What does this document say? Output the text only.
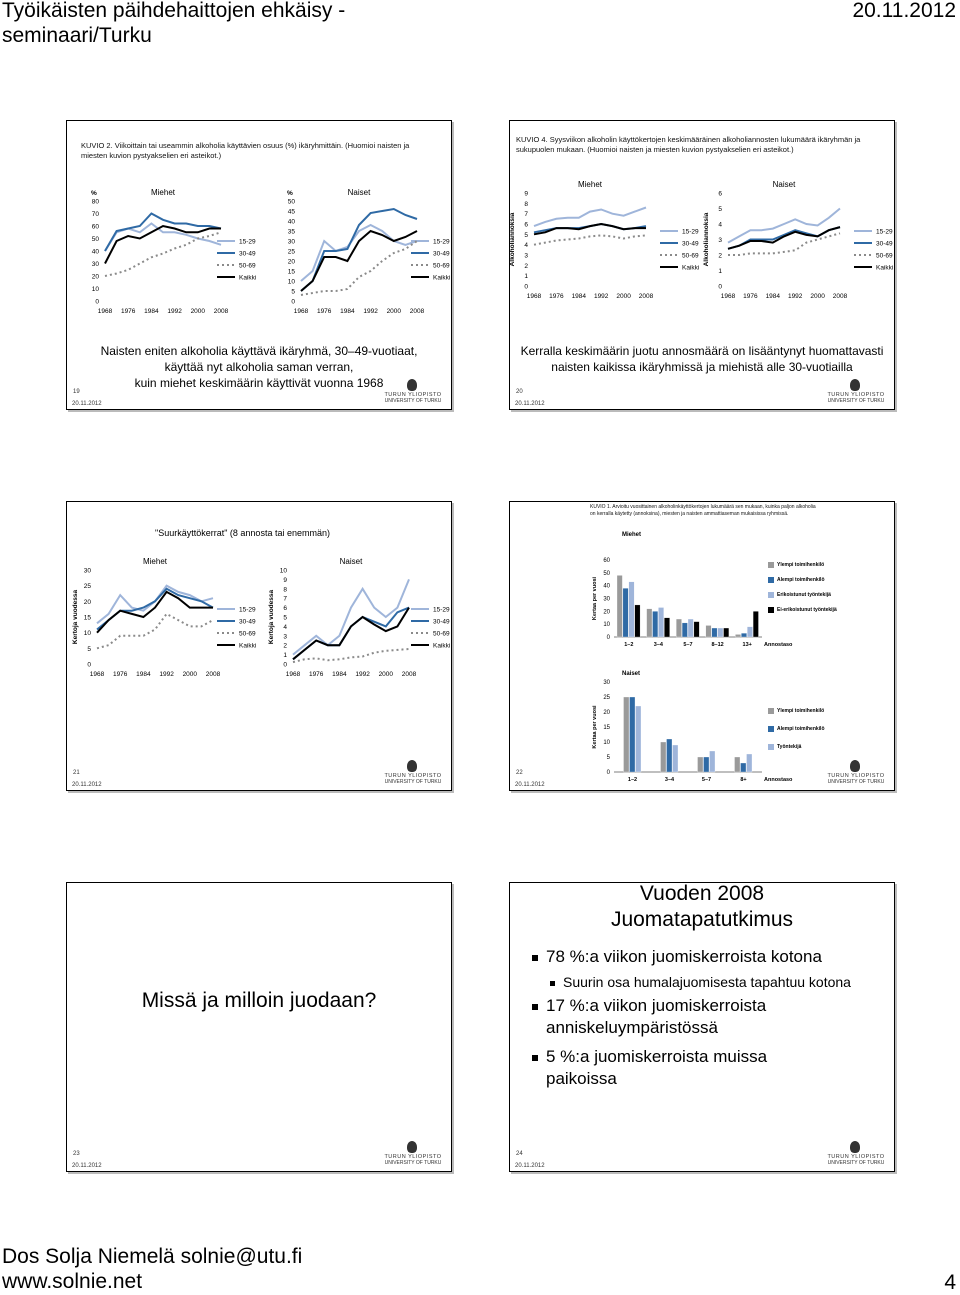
Työikäisten päihdehaittojen ehkäisy -
seminaari/Turku
20.11.2012
KUVIO 2. Viikoittain tai useammin alkoholia käyttävien osuus (%) ikäryhmittäin. (Huomioi naisten ja miesten kuvion pystyakselien eri asteikot.)
Miehet
%
0
10
20
30
40
50
60
70
80
1968 1976 1984 1992 2000 2008
15-29
30-49
50-69
Kaikki
Naiset
%
0
5
10
15
20
25
30
35
40
45
50
1968 1976 1984 1992 2000 2008
15-29
30-49
50-69
Kaikki
Naisten eniten alkoholia käyttävä ikäryhmä, 30–49-vuotiaat,
käyttää nyt alkoholia saman verran,
kuin miehet keskimäärin käyttivät vuonna 1968
19	TURUN YLIOPISTO
UNIVERSITY OF TURKU
20.11.2012
KUVIO 4. Syysviikon alkoholin käyttökertojen keskimääräinen alkoholiannosten lukumäärä ikäryhmän ja sukupuolen mukaan. (Huomioi naisten ja miesten kuvion pystyakselien eri asteikot.)
Miehet
Alkoholiannoksia
0
1
2
3
4
5
6
7
8
9
1968 1976 1984 1992 2000 2008
15-29
30-49
50-69
Kaikki
Naiset
Alkoholiannoksia
0
1
2
3
4
5
6
1968 1976 1984 1992 2000 2008
15-29
30-49
50-69
Kaikki
Kerralla keskimäärin juotu annosmäärä on lisääntynyt huomattavasti
naisten kaikissa ikäryhmissä ja miehistä alle 30-vuotiailla
20	TURUN YLIOPISTO
UNIVERSITY OF TURKU
20.11.2012
"Suurkäyttökerrat" (8 annosta tai enemmän)
Miehet
Kertoja vuodessa
0
5
10
15
20
25
30
1968 1976 1984 1992 2000 2008
15-29
30-49
50-69
Kaikki
Naiset
Kertoja vuodessa
0
1
2
3
4
5
6
7
8
9
10
1968 1976 1984 1992 2000 2008
15-29
30-49
50-69
Kaikki
21	TURUN YLIOPISTO
UNIVERSITY OF TURKU
20.11.2012
KUVIO 1. Arvioitu vuosittainen alkoholinkäyttökertojen lukumäärä sen mukaan, kuinka paljon alkoholia on kerralla käytetty (annoksina), miesten ja naisten ammattiaseman mukaisissa ryhmissä.
Miehet
Kertaa per vuosi
0
10
20
30
40
50
60
1–2	3–4	5–7	8–12	13+ Annostaso
Ylempi toimihenkilö
Alempi toimihenkilö
Erikoistunut työntekijä
Ei-erikoistunut työntekijä
Naiset
Kertaa per vuosi
0
5
10
15
20
25
30
1–2	3–4	5–7	8+	Annostaso
Ylempi toimihenkilö
Alempi toimihenkilö
Työntekijä
22	TURUN YLIOPISTO
UNIVERSITY OF TURKU
20.11.2012
Missä ja milloin juodaan?
23	TURUN YLIOPISTO
UNIVERSITY OF TURKU
20.11.2012
Vuoden 2008
Juomatapatutkimus
78 %:a viikon juomiskerroista kotona
Suurin osa humalajuomisesta tapahtuu kotona
17 %:a viikon juomiskerroista
anniskeluympäristössä
5 %:a juomiskerroista muissa
paikoissa
24	TURUN YLIOPISTO
UNIVERSITY OF TURKU
20.11.2012
Dos Solja Niemelä solnie@utu.fi
www.solnie.net	4
